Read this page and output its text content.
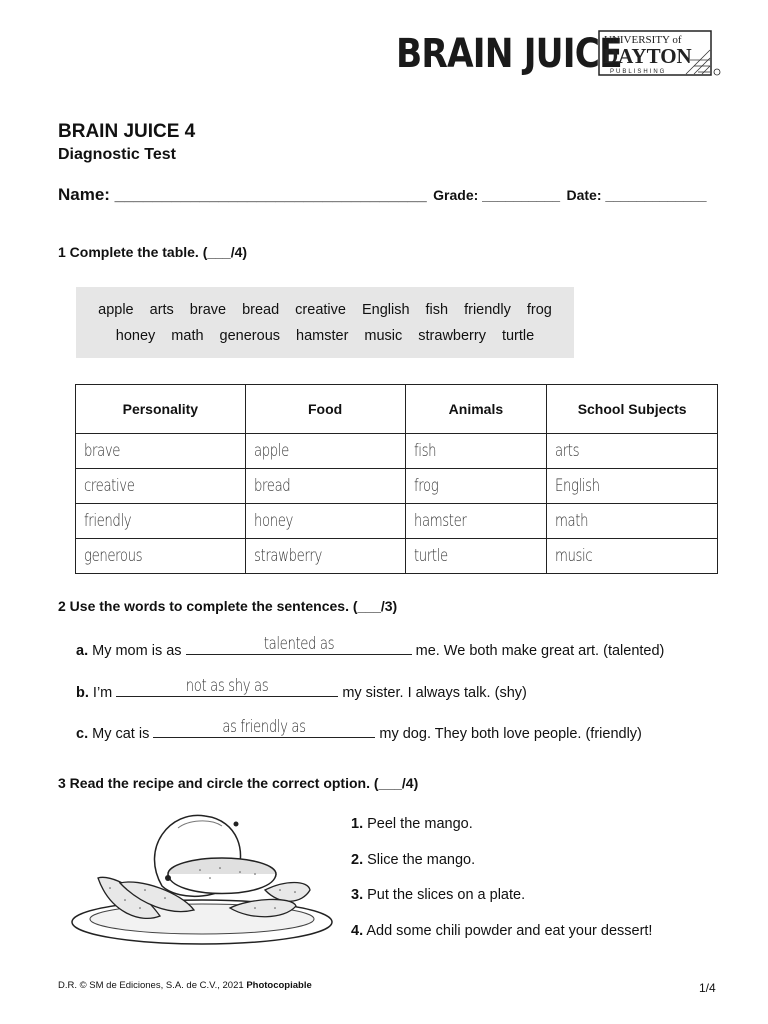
BRAIN JUICE
UNIVERSITY of
DAYTON
PUBLISHING
BRAIN JUICE 4
Diagnostic Test
Name: _________________________________ Grade: __________ Date: _____________
1 Complete the table. (___/4)
apple arts brave bread creative English fish friendly frog
honey math generous hamster music strawberry turtle
Personality	Food	Animals	School Subjects
brave	apple	fish	arts
creative	bread	frog	English
friendly	honey	hamster	math
generous	strawberry	turtle	music
2 Use the words to complete the sentences. (___/3)
a. My mom is as	talented as	me. We both make great art. (talented)
b. I’m	not as shy as	my sister. I always talk. (shy)
c. My cat is	as friendly as	my dog. They both love people. (friendly)
3 Read the recipe and circle the correct option. (___/4)
1. Peel the mango.
2. Slice the mango.
3. Put the slices on a plate.
4. Add some chili powder and eat your dessert!
D.R. © SM de Ediciones, S.A. de C.V., 2021 Photocopiable	1/4
